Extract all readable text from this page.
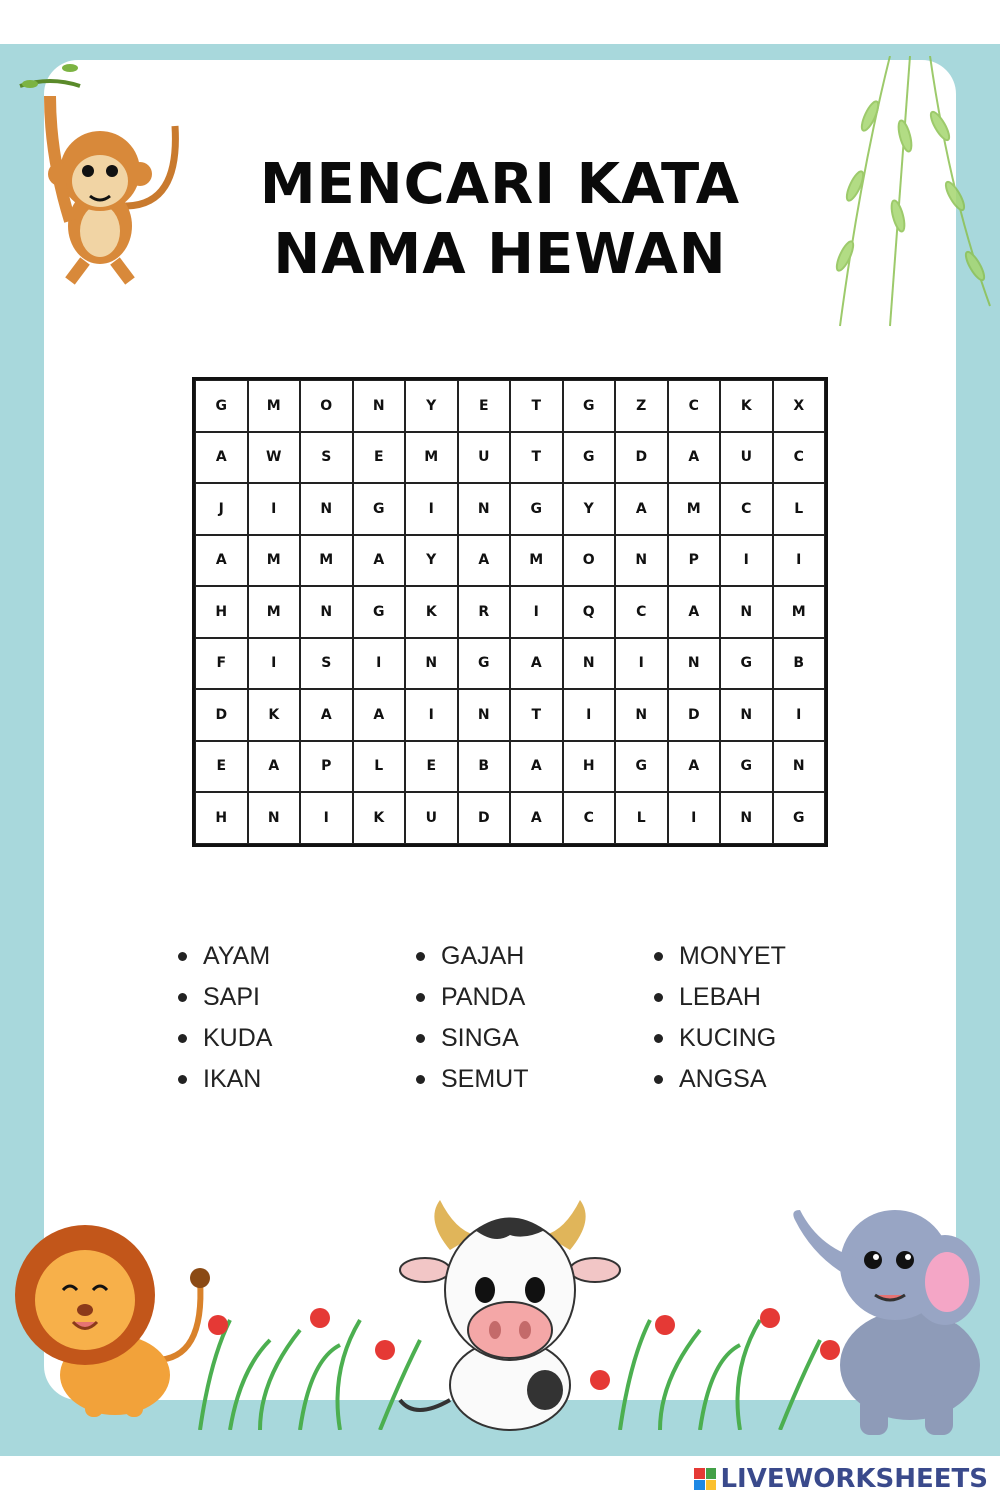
MENCARI KATA
NAMA HEWAN
G	M	O	N	Y	E	T	G	Z	C	K	X
A	W	S	E	M	U	T	G	D	A	U	C
J	I	N	G	I	N	G	Y	A	M	C	L
A	M	M	A	Y	A	M	O	N	P	I	I
H	M	N	G	K	R	I	Q	C	A	N	M
F	I	S	I	N	G	A	N	I	N	G	B
D	K	A	A	I	N	T	I	N	D	N	I
E	A	P	L	E	B	A	H	G	A	G	N
H	N	I	K	U	D	A	C	L	I	N	G
AYAM	GAJAH	MONYET
SAPI	PANDA	LEBAH
KUDA	SINGA	KUCING
IKAN	SEMUT	ANGSA
LIVEWORKSHEETS
